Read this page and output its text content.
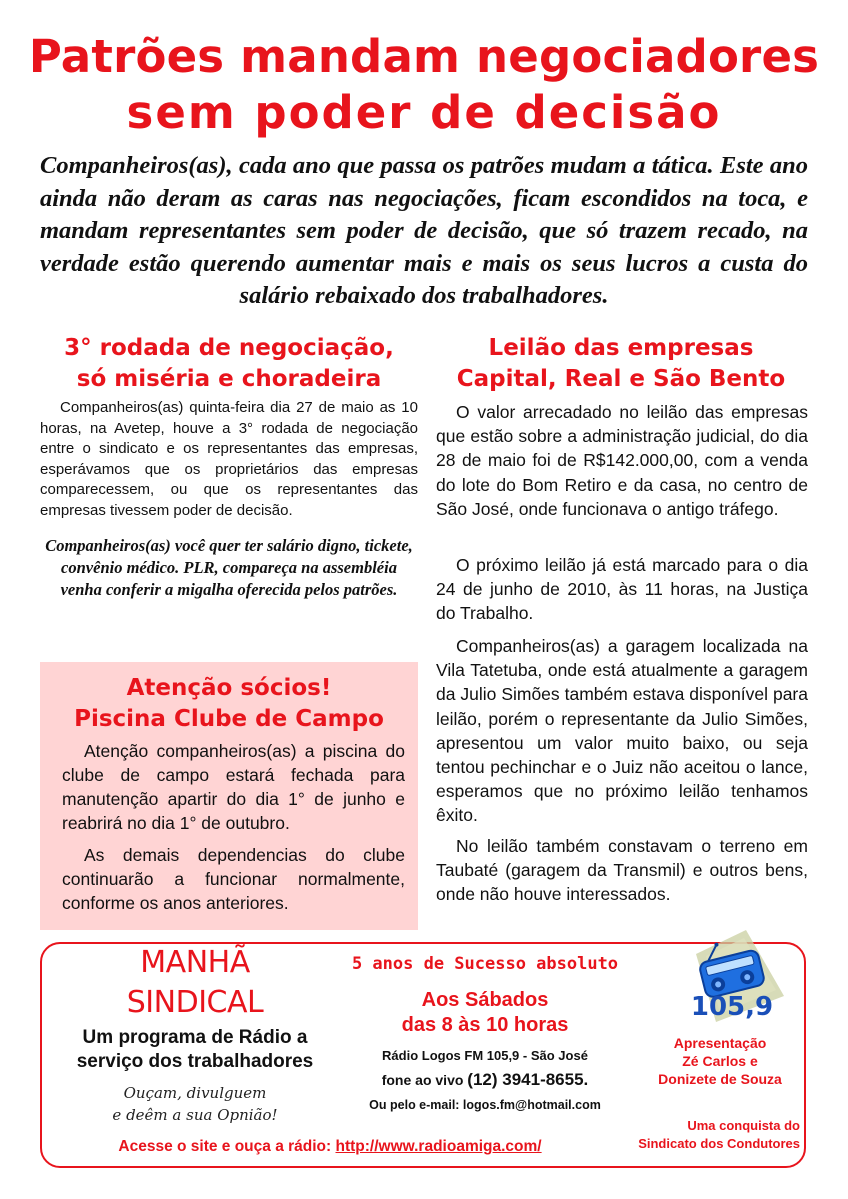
Patrões mandam negociadores
sem poder de decisão

Companheiros(as), cada ano que passa os patrões mudam a tática. Este ano ainda não deram as caras nas negociações, ficam escondidos na toca, e mandam representantes sem poder de decisão, que só trazem recado, na verdade estão querendo aumentar mais e mais os seus lucros a custa do salário rebaixado dos trabalhadores.

3° rodada de negociação,
só miséria e choradeira

Companheiros(as) quinta-feira dia 27 de maio as 10 horas, na Avetep, houve a 3° rodada de negociação entre o sindicato e os representantes das empresas, esperávamos que os proprietários das empresas comparecessem, ou que os representantes das empresas tivessem poder de decisão.

Companheiros(as) você quer ter salário digno, tickete, convênio médico. PLR, compareça na assembléia venha conferir a migalha oferecida pelos patrões.

Atenção sócios!
Piscina Clube de Campo

Atenção companheiros(as) a piscina do clube de campo estará fechada para manutenção apartir do dia 1° de junho e reabrirá no dia 1° de outubro.

As demais dependencias do clube continuarão a funcionar normalmente, conforme os anos anteriores.

Leilão das empresas
Capital, Real e São Bento

O valor arrecadado no leilão das empresas que estão sobre a administração judicial, do dia 28 de maio foi de R$142.000,00, com a venda do lote do Bom Retiro e da casa, no centro de São José, onde funcionava o antigo tráfego.

O próximo leilão já está marcado para o dia 24 de junho de 2010, às 11 horas, na Justiça do Trabalho.

Companheiros(as) a garagem localizada na Vila Tatetuba, onde está atualmente a garagem da Julio Simões também estava disponível para leilão, porém o representante da Julio Simões, apresentou um valor muito baixo, ou seja tentou pechinchar e o Juiz não aceitou o lance, esperamos que no próximo leilão tenhamos êxito.

No leilão também constavam o terreno em Taubaté (garagem da Transmil) e outros bens, onde não houve interessados.

MANHÃ

SINDICAL

Um programa de Rádio a
serviço dos trabalhadores

Ouçam, divulguem
e deêm a sua Opnião!

5 anos de Sucesso absoluto

Aos Sábados
das 8 às 10 horas

Rádio Logos FM 105,9 - São José

fone ao vivo (12) 3941-8655.

Ou pelo e-mail: logos.fm@hotmail.com

Acesse o site e ouça a rádio: http://www.radioamiga.com/

105,9

Apresentação
Zé Carlos e
Donizete de Souza

Uma conquista do
Sindicato dos Condutores
